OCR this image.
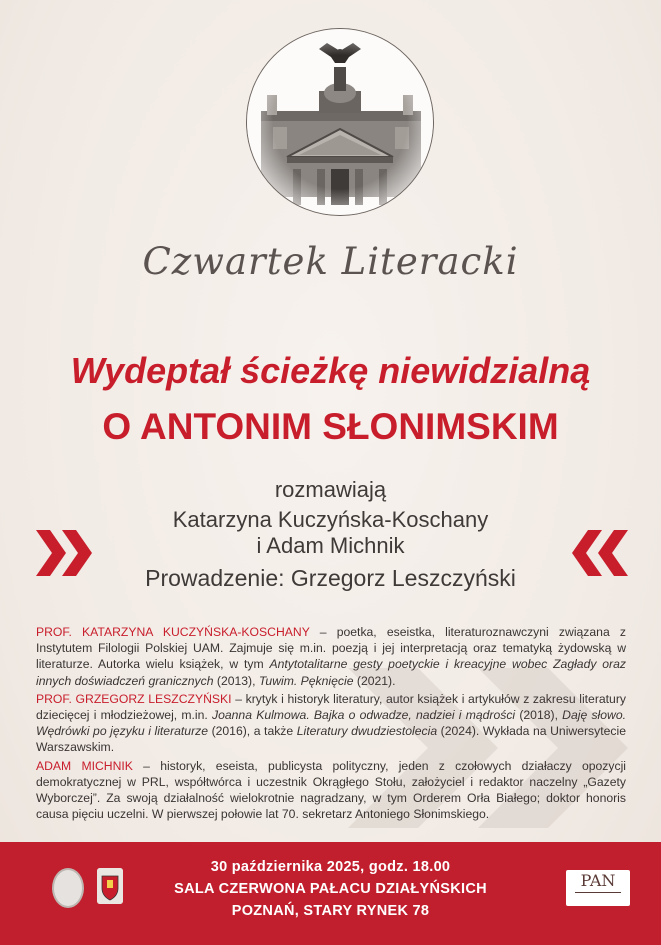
Czwartek Literacki
Wydeptał ścieżkę niewidzialną
O ANTONIM SŁONIMSKIM
rozmawiają
Katarzyna Kuczyńska-Koschany
i Adam Michnik
Prowadzenie: Grzegorz Leszczyński

PROF. KATARZYNA KUCZYŃSKA-KOSCHANY – poetka, eseistka, literaturoznawczyni związana z Instytutem Filologii Polskiej UAM. Zajmuje się m.in. poezją i jej interpretacją oraz tematyką żydowską w literaturze. Autorka wielu książek, w tym Antytotalitarne gesty poetyckie i kreacyjne wobec Zagłady oraz innych doświadczeń granicznych (2013), Tuwim. Pęknięcie (2021).

PROF. GRZEGORZ LESZCZYŃSKI – krytyk i historyk literatury, autor książek i artykułów z zakresu literatury dziecięcej i młodzieżowej, m.in. Joanna Kulmowa. Bajka o odwadze, nadziei i mądrości (2018), Daję słowo. Wędrówki po języku i literaturze (2016), a także Literatury dwudziestolecia (2024). Wykłada na Uniwersytecie Warszawskim.

ADAM MICHNIK – historyk, eseista, publicysta polityczny, jeden z czołowych działaczy opozycji demokratycznej w PRL, współtwórca i uczestnik Okrągłego Stołu, założyciel i redaktor naczelny „Gazety Wyborczej”. Za swoją działalność wielokrotnie nagradzany, w tym Orderem Orła Białego; doktor honoris causa pięciu uczelni. W pierwszej połowie lat 70. sekretarz Antoniego Słonimskiego.

30 października 2025, godz. 18.00
SALA CZERWONA PAŁACU DZIAŁYŃSKICH
POZNAŃ, STARY RYNEK 78
PAN
